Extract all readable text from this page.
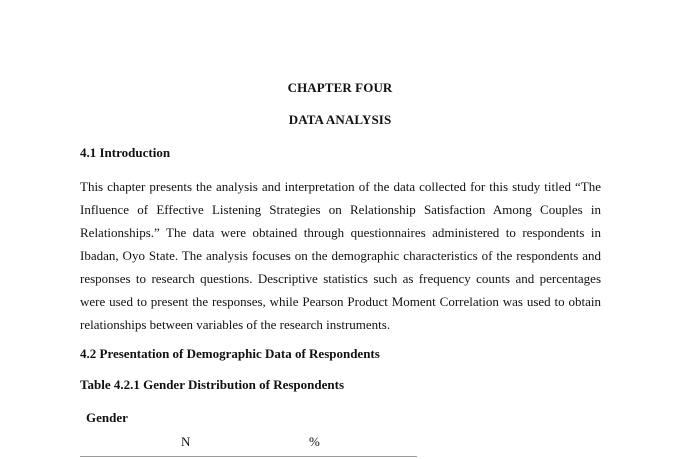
CHAPTER FOUR
DATA ANALYSIS
4.1 Introduction
This chapter presents the analysis and interpretation of the data collected for this study titled “The
Influence of Effective Listening Strategies on Relationship Satisfaction Among Couples in
Relationships.” The data were obtained through questionnaires administered to respondents in
Ibadan, Oyo State. The analysis focuses on the demographic characteristics of the respondents and
responses to research questions. Descriptive statistics such as frequency counts and percentages
were used to present the responses, while Pearson Product Moment Correlation was used to obtain
relationships between variables of the research instruments.
4.2 Presentation of Demographic Data of Respondents
Table 4.2.1 Gender Distribution of Respondents
Gender
N	%
